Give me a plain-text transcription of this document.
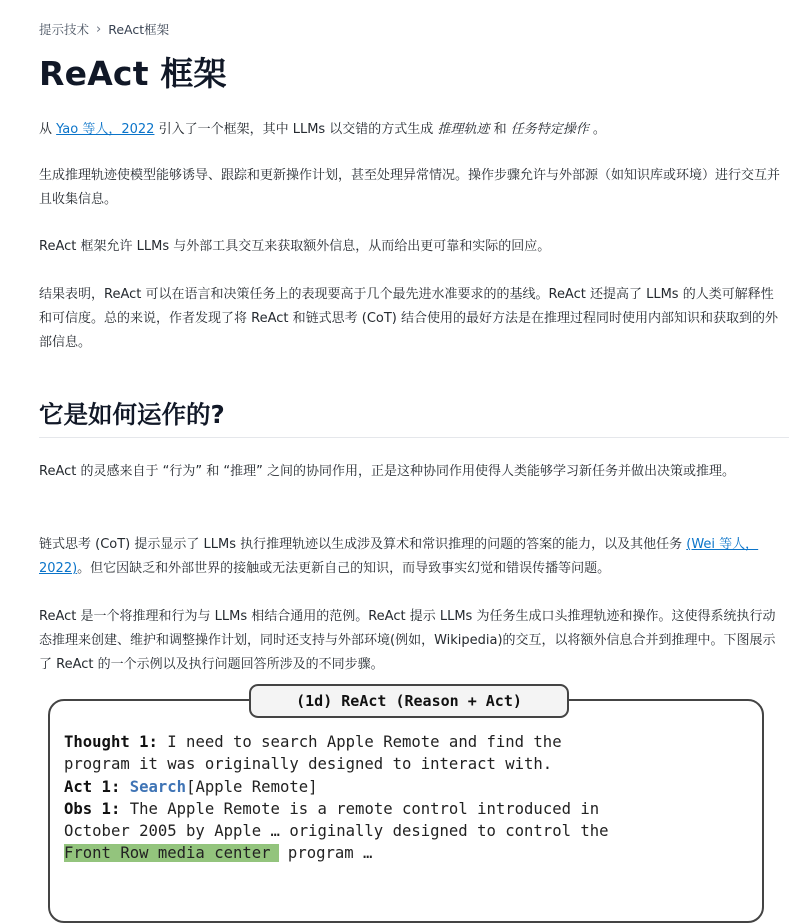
提示技术 › ReAct框架
ReAct 框架

从 Yao 等人，2022 引入了一个框架，其中 LLMs 以交错的方式生成 推理轨迹 和 任务特定操作 。

生成推理轨迹使模型能够诱导、跟踪和更新操作计划，甚至处理异常情况。操作步骤允许与外部源（如知识库或环境）进行交互并且收集信息。

ReAct 框架允许 LLMs 与外部工具交互来获取额外信息，从而给出更可靠和实际的回应。

结果表明，ReAct 可以在语言和决策任务上的表现要高于几个最先进水准要求的的基线。ReAct 还提高了 LLMs 的人类可解释性和可信度。总的来说，作者发现了将 ReAct 和链式思考 (CoT) 结合使用的最好方法是在推理过程同时使用内部知识和获取到的外部信息。

它是如何运作的?

ReAct 的灵感来自于 “行为” 和 “推理” 之间的协同作用，正是这种协同作用使得人类能够学习新任务并做出决策或推理。

链式思考 (CoT) 提示显示了 LLMs 执行推理轨迹以生成涉及算术和常识推理的问题的答案的能力，以及其他任务 (Wei 等人，2022)。但它因缺乏和外部世界的接触或无法更新自己的知识，而导致事实幻觉和错误传播等问题。

ReAct 是一个将推理和行为与 LLMs 相结合通用的范例。ReAct 提示 LLMs 为任务生成口头推理轨迹和操作。这使得系统执行动态推理来创建、维护和调整操作计划，同时还支持与外部环境(例如，Wikipedia)的交互，以将额外信息合并到推理中。下图展示了 ReAct 的一个示例以及执行问题回答所涉及的不同步骤。

(1d) ReAct (Reason + Act)
Thought 1: I need to search Apple Remote and find the
program it was originally designed to interact with.
Act 1: Search[Apple Remote]
Obs 1: The Apple Remote is a remote control introduced in
October 2005 by Apple … originally designed to control the
Front Row media center program …
